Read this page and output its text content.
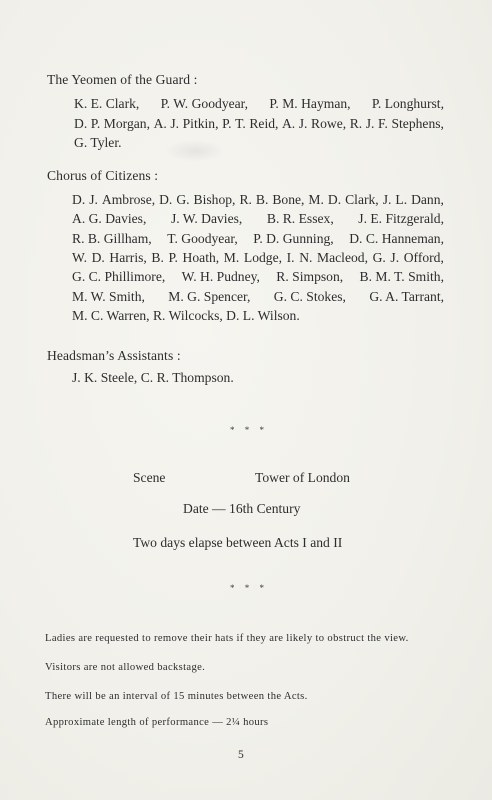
The Yeomen of the Guard :
K. E. Clark, P. W. Goodyear, P. M. Hayman, P. Longhurst,
D. P. Morgan, A. J. Pitkin, P. T. Reid, A. J. Rowe, R. J. F. Stephens,
G. Tyler.
Chorus of Citizens :
D. J. Ambrose, D. G. Bishop, R. B. Bone, M. D. Clark, J. L. Dann,
A. G. Davies, J. W. Davies, B. R. Essex, J. E. Fitzgerald,
R. B. Gillham, T. Goodyear, P. D. Gunning, D. C. Hanneman,
W. D. Harris, B. P. Hoath, M. Lodge, I. N. Macleod, G. J. Offord,
G. C. Phillimore, W. H. Pudney, R. Simpson, B. M. T. Smith,
M. W. Smith, M. G. Spencer, G. C. Stokes, G. A. Tarrant,
M. C. Warren, R. Wilcocks, D. L. Wilson.
Headsman’s Assistants :
J. K. Steele, C. R. Thompson.
* * *
Scene	Tower of London
Date — 16th Century
Two days elapse between Acts I and II
* * *
Ladies are requested to remove their hats if they are likely to obstruct the view.
Visitors are not allowed backstage.
There will be an interval of 15 minutes between the Acts.
Approximate length of performance — 2¼ hours
5
